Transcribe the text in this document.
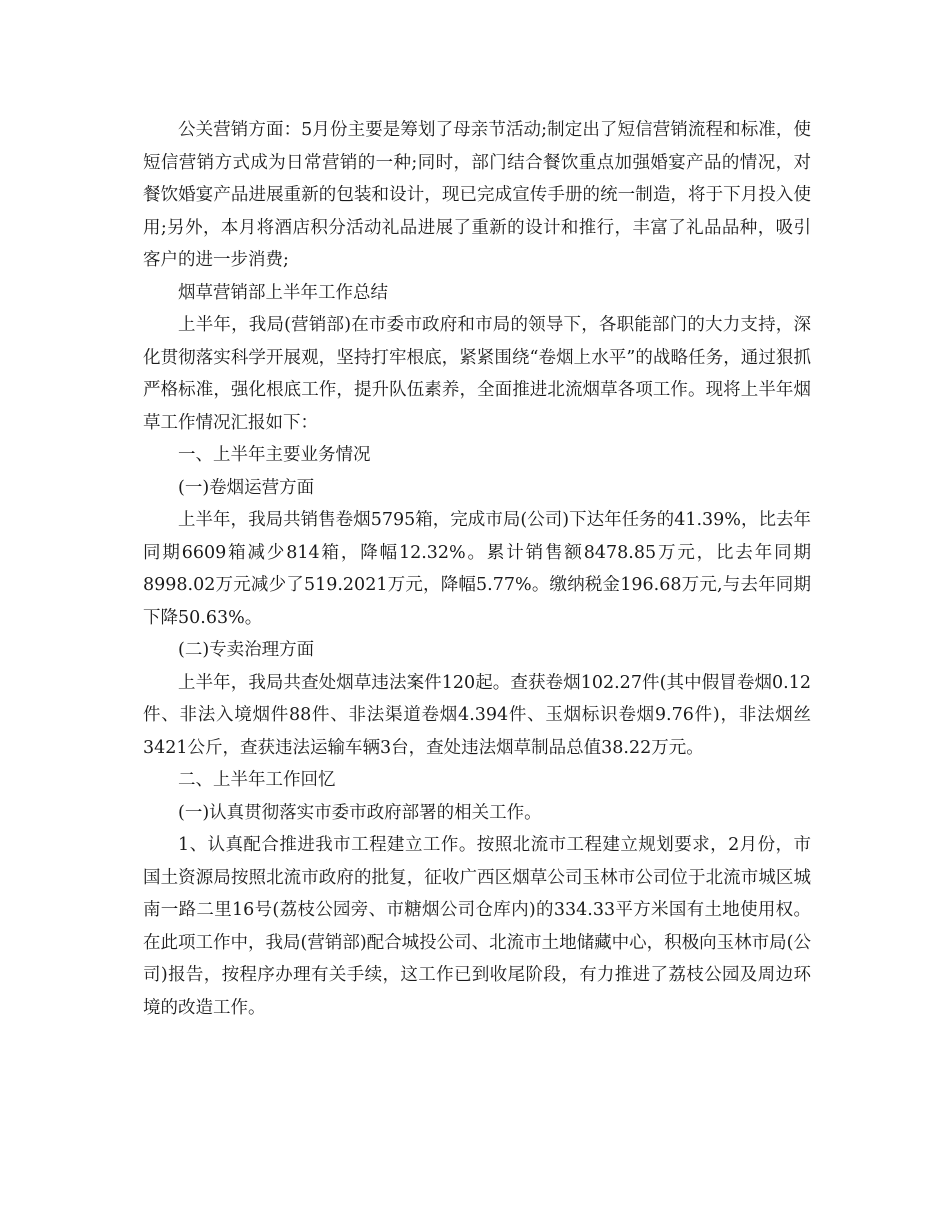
公关营销方面：5月份主要是筹划了母亲节活动;制定出了短信营销流程和标准，使短信营销方式成为日常营销的一种;同时，部门结合餐饮重点加强婚宴产品的情况，对餐饮婚宴产品进展重新的包装和设计，现已完成宣传手册的统一制造，将于下月投入使用;另外，本月将酒店积分活动礼品进展了重新的设计和推行，丰富了礼品品种，吸引客户的进一步消费;

烟草营销部上半年工作总结

上半年，我局(营销部)在市委市政府和市局的领导下，各职能部门的大力支持，深化贯彻落实科学开展观，坚持打牢根底，紧紧围绕“卷烟上水平”的战略任务，通过狠抓严格标准，强化根底工作，提升队伍素养，全面推进北流烟草各项工作。现将上半年烟草工作情况汇报如下：

一、上半年主要业务情况

(一)卷烟运营方面

上半年，我局共销售卷烟5795箱，完成市局(公司)下达年任务的41.39%，比去年同期6609箱减少814箱，降幅12.32%。累计销售额8478.85万元，比去年同期8998.02万元减少了519.2021万元，降幅5.77%。缴纳税金196.68万元,与去年同期下降50.63%。

(二)专卖治理方面

上半年，我局共查处烟草违法案件120起。查获卷烟102.27件(其中假冒卷烟0.12件、非法入境烟件88件、非法渠道卷烟4.394件、玉烟标识卷烟9.76件)，非法烟丝3421公斤，查获违法运输车辆3台，查处违法烟草制品总值38.22万元。

二、上半年工作回忆

(一)认真贯彻落实市委市政府部署的相关工作。

1、认真配合推进我市工程建立工作。按照北流市工程建立规划要求，2月份，市国土资源局按照北流市政府的批复，征收广西区烟草公司玉林市公司位于北流市城区城南一路二里16号(荔枝公园旁、市糖烟公司仓库内)的334.33平方米国有土地使用权。在此项工作中，我局(营销部)配合城投公司、北流市土地储藏中心，积极向玉林市局(公司)报告，按程序办理有关手续，这工作已到收尾阶段，有力推进了荔枝公园及周边环境的改造工作。
